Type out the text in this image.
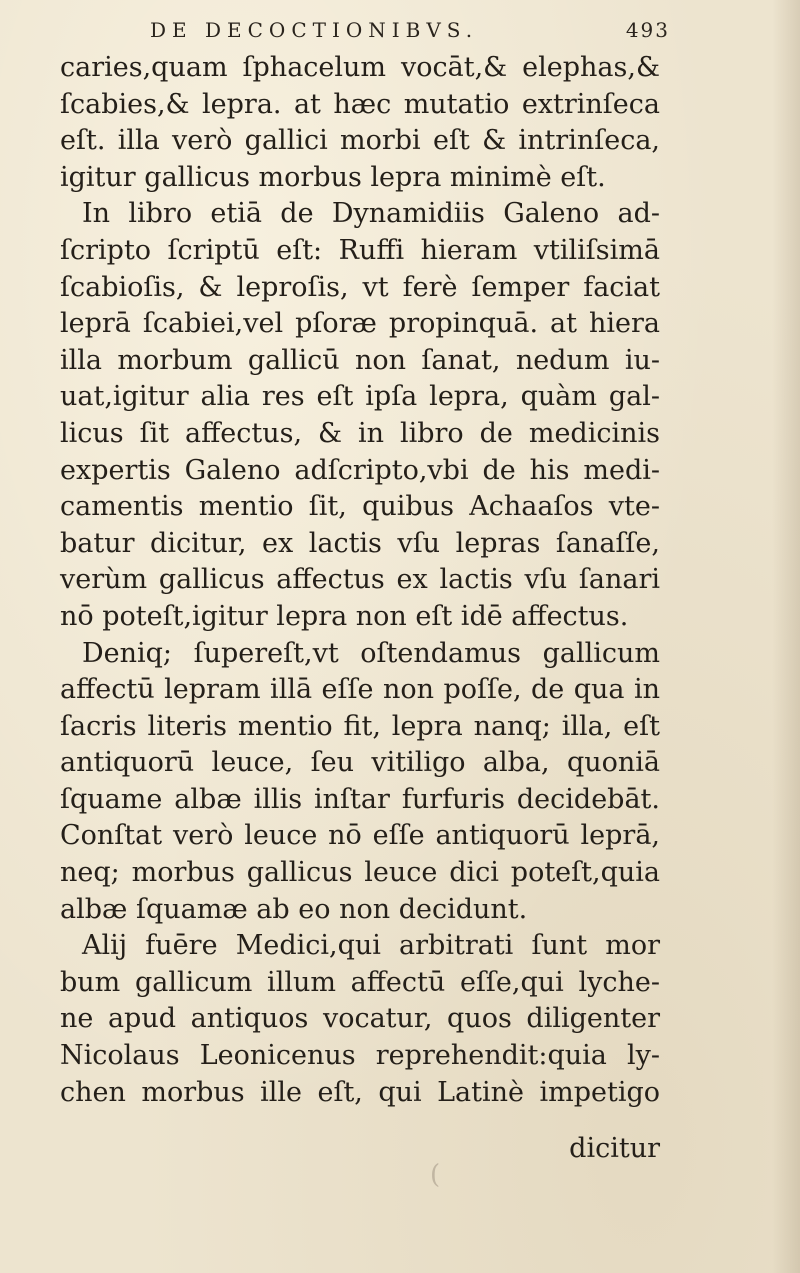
DE DECOCTIONIBVS.	493
caries,quam ſphacelum vocāt,& elephas,&
ſcabies,& lepra. at hæc mutatio extrinſeca
eſt. illa verò gallici morbi eſt & intrinſeca,
igitur gallicus morbus lepra minimè eſt.
In libro etiā de Dynamidiis Galeno ad-
ſcripto ſcriptū eſt: Ruffi hieram vtiliſsimā
ſcabioſis, & leproſis, vt ferè ſemper faciat
leprā ſcabiei,vel pſoræ propinquā. at hiera
illa morbum gallicū non ſanat, nedum iu-
uat,igitur alia res eſt ipſa lepra, quàm gal-
licus ſit affectus, & in libro de medicinis
expertis Galeno adſcripto,vbi de his medi-
camentis mentio ſit, quibus Achaaſos vte-
batur dicitur, ex lactis vſu lepras ſanaſſe,
verùm gallicus affectus ex lactis vſu ſanari
nō poteſt,igitur lepra non eſt idē affectus.
Deniq; ſupereſt,vt oſtendamus gallicum
affectū lepram illā eſſe non poſſe, de qua in
ſacris literis mentio fit, lepra nanq; illa, eſt
antiquorū leuce, ſeu vitiligo alba, quoniā
ſquame albæ illis inſtar furfuris decidebāt.
Conſtat verò leuce nō eſſe antiquorū leprā,
neq; morbus gallicus leuce dici poteſt,quia
albæ ſquamæ ab eo non decidunt.
Alij fuēre Medici,qui arbitrati ſunt mor
bum gallicum illum affectū eſſe,qui lyche-
ne apud antiquos vocatur, quos diligenter
Nicolaus Leonicenus reprehendit:quia ly-
chen morbus ille eſt, qui Latinè impetigo
dicitur
(
